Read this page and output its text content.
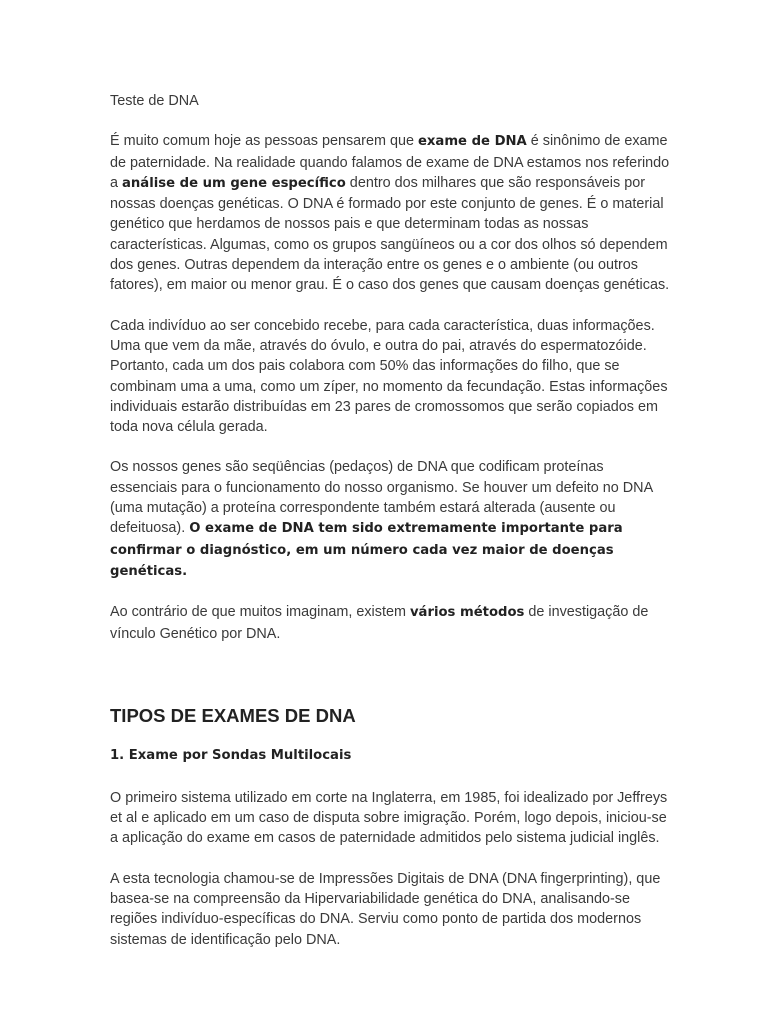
Teste de DNA

É muito comum hoje as pessoas pensarem que exame de DNA é sinônimo de exame de paternidade. Na realidade quando falamos de exame de DNA estamos nos referindo a análise de um gene específico dentro dos milhares que são responsáveis por nossas doenças genéticas. O DNA é formado por este conjunto de genes. É o material genético que herdamos de nossos pais e que determinam todas as nossas características. Algumas, como os grupos sangüíneos ou a cor dos olhos só dependem dos genes. Outras dependem da interação entre os genes e o ambiente (ou outros fatores), em maior ou menor grau. É o caso dos genes que causam doenças genéticas.

Cada indivíduo ao ser concebido recebe, para cada característica, duas informações. Uma que vem da mãe, através do óvulo, e outra do pai, através do espermatozóide. Portanto, cada um dos pais colabora com 50% das informações do filho, que se combinam uma a uma, como um zíper, no momento da fecundação. Estas informações individuais estarão distribuídas em 23 pares de cromossomos que serão copiados em toda nova célula gerada.

Os nossos genes são seqüências (pedaços) de DNA que codificam proteínas essenciais para o funcionamento do nosso organismo. Se houver um defeito no DNA (uma mutação) a proteína correspondente também estará alterada (ausente ou defeituosa). O exame de DNA tem sido extremamente importante para confirmar o diagnóstico, em um número cada vez maior de doenças genéticas.

Ao contrário de que muitos imaginam, existem vários métodos de investigação de vínculo Genético por DNA.

TIPOS DE EXAMES DE DNA
1. Exame por Sondas Multilocais

O primeiro sistema utilizado em corte na Inglaterra, em 1985, foi idealizado por Jeffreys et al e aplicado em um caso de disputa sobre imigração. Porém, logo depois, iniciou-se a aplicação do exame em casos de paternidade admitidos pelo sistema judicial inglês.

A esta tecnologia chamou-se de Impressões Digitais de DNA (DNA fingerprinting), que basea-se na compreensão da Hipervariabilidade genética do DNA, analisando-se regiões indivíduo-específicas do DNA. Serviu como ponto de partida dos modernos sistemas de identificação pelo DNA.
